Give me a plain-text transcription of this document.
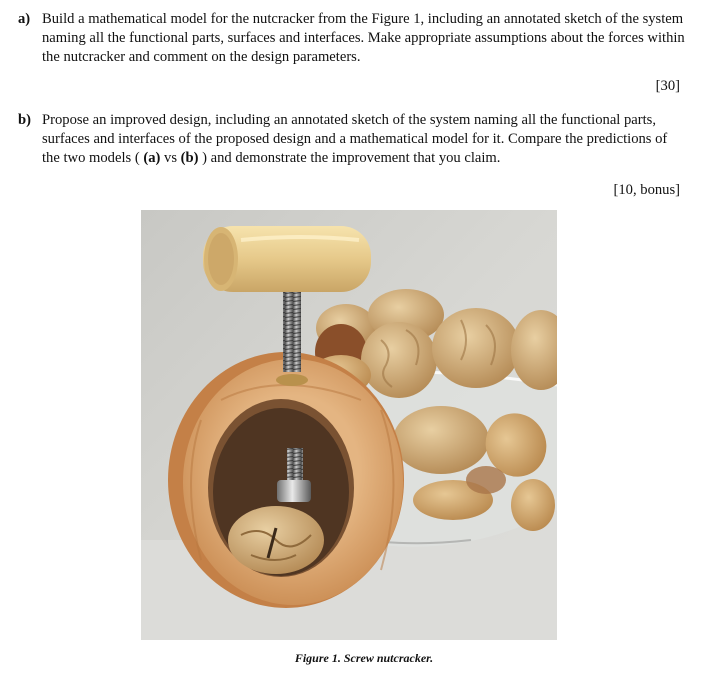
a) Build a mathematical model for the nutcracker from the Figure 1, including an annotated sketch of the system naming all the functional parts, surfaces and interfaces. Make appropriate assumptions about the forces within the nutcracker and comment on the design parameters.
[30]
b) Propose an improved design, including an annotated sketch of the system naming all the functional parts, surfaces and interfaces of the proposed design and a mathematical model for it. Compare the predictions of the two models ( (a) vs (b) ) and demonstrate the improvement that you claim.
[10, bonus]
Figure 1. Screw nutcracker.
